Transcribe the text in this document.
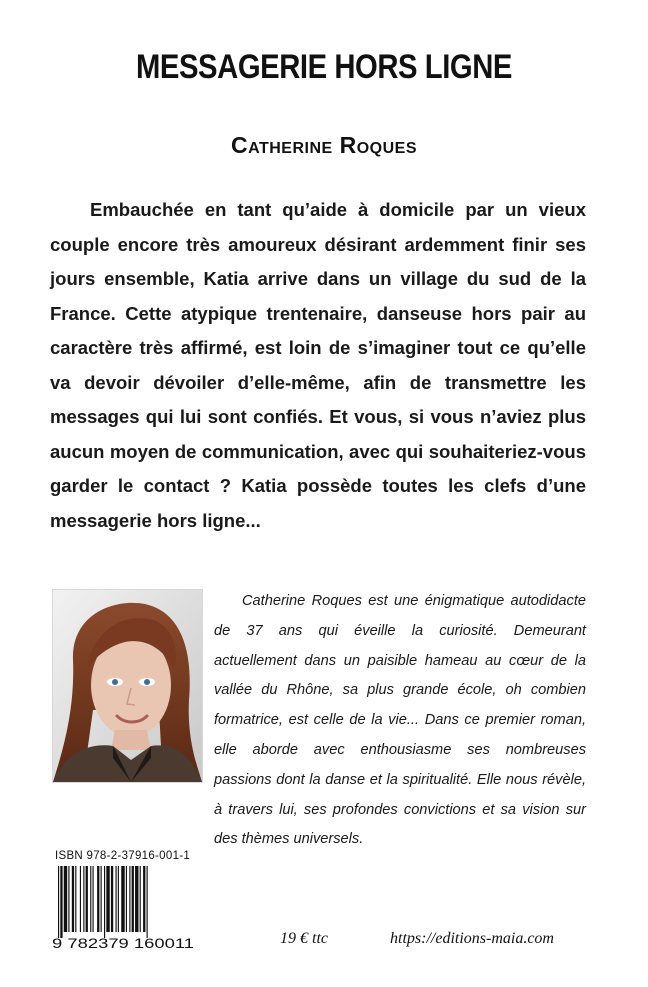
MESSAGERIE HORS LIGNE
Catherine Roques

Embauchée en tant qu’aide à domicile par un vieux couple encore très amoureux désirant ardemment finir ses jours ensemble, Katia arrive dans un village du sud de la France. Cette atypique trentenaire, danseuse hors pair au caractère très affirmé, est loin de s’imaginer tout ce qu’elle va devoir dévoiler d’elle-même, afin de transmettre les messages qui lui sont confiés. Et vous, si vous n’aviez plus aucun moyen de communication, avec qui souhaiteriez-vous garder le contact ? Katia possède toutes les clefs d’une messagerie hors ligne...

Catherine Roques est une énigmatique autodidacte de 37 ans qui éveille la curiosité. Demeurant actuellement dans un paisible hameau au cœur de la vallée du Rhône, sa plus grande école, oh combien formatrice, est celle de la vie... Dans ce premier roman, elle aborde avec enthousiasme ses nombreuses passions dont la danse et la spiritualité. Elle nous révèle, à travers lui, ses profondes convictions et sa vision sur des thèmes universels.

ISBN 978-2-37916-001-1
9 782379 160011	19 € ttc	https://editions-maia.com
